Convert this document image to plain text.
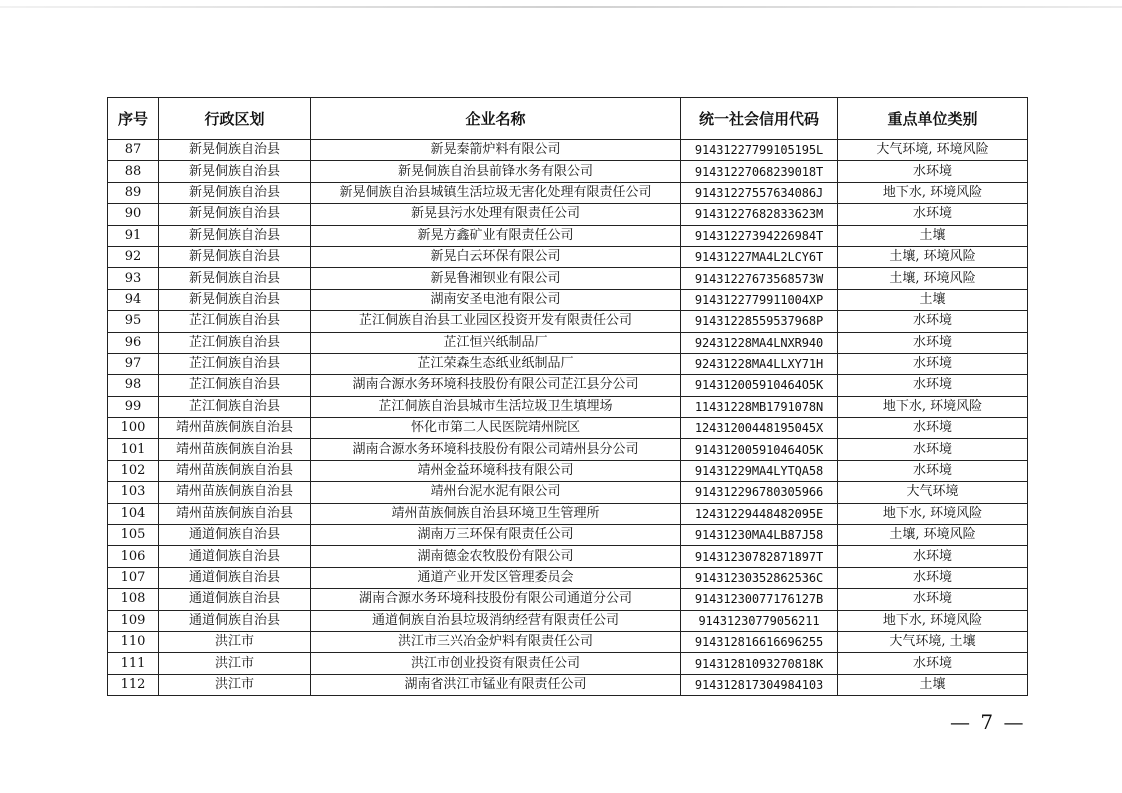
序号	行政区划	企业名称	统一社会信用代码	重点单位类别
87	新晃侗族自治县	新晃秦箭炉料有限公司	91431227799105195L	大气环境, 环境风险
88	新晃侗族自治县	新晃侗族自治县前锋水务有限公司	91431227068239018T	水环境
89	新晃侗族自治县	新晃侗族自治县城镇生活垃圾无害化处理有限责任公司	91431227557634086J	地下水, 环境风险
90	新晃侗族自治县	新晃县污水处理有限责任公司	91431227682833623M	水环境
91	新晃侗族自治县	新晃方鑫矿业有限责任公司	91431227394226984T	土壤
92	新晃侗族自治县	新晃白云环保有限公司	91431227MA4L2LCY6T	土壤, 环境风险
93	新晃侗族自治县	新晃鲁湘钡业有限公司	91431227673568573W	土壤, 环境风险
94	新晃侗族自治县	湖南安圣电池有限公司	9143122779911004XP	土壤
95	芷江侗族自治县	芷江侗族自治县工业园区投资开发有限责任公司	91431228559537968P	水环境
96	芷江侗族自治县	芷江恒兴纸制品厂	92431228MA4LNXR940	水环境
97	芷江侗族自治县	芷江荣森生态纸业纸制品厂	92431228MA4LLXY71H	水环境
98	芷江侗族自治县	湖南合源水务环境科技股份有限公司芷江县分公司	914312005910464O5K	水环境
99	芷江侗族自治县	芷江侗族自治县城市生活垃圾卫生填埋场	11431228MB1791078N	地下水, 环境风险
100	靖州苗族侗族自治县	怀化市第二人民医院靖州院区	12431200448195045X	水环境
101	靖州苗族侗族自治县	湖南合源水务环境科技股份有限公司靖州县分公司	914312005910464O5K	水环境
102	靖州苗族侗族自治县	靖州金益环境科技有限公司	91431229MA4LYTQA58	水环境
103	靖州苗族侗族自治县	靖州台泥水泥有限公司	914312296780305966	大气环境
104	靖州苗族侗族自治县	靖州苗族侗族自治县环境卫生管理所	12431229448482095E	地下水, 环境风险
105	通道侗族自治县	湖南万三环保有限责任公司	91431230MA4LB87J58	土壤, 环境风险
106	通道侗族自治县	湖南德金农牧股份有限公司	91431230782871897T	水环境
107	通道侗族自治县	通道产业开发区管理委员会	91431230352862536C	水环境
108	通道侗族自治县	湖南合源水务环境科技股份有限公司通道分公司	91431230077176127B	水环境
109	通道侗族自治县	通道侗族自治县垃圾消纳经营有限责任公司	91431230779056211	地下水, 环境风险
110	洪江市	洪江市三兴冶金炉料有限责任公司	914312816616696255	大气环境, 土壤
111	洪江市	洪江市创业投资有限责任公司	91431281093270818K	水环境
112	洪江市	湖南省洪江市锰业有限责任公司	914312817304984103	土壤
— 7 —
